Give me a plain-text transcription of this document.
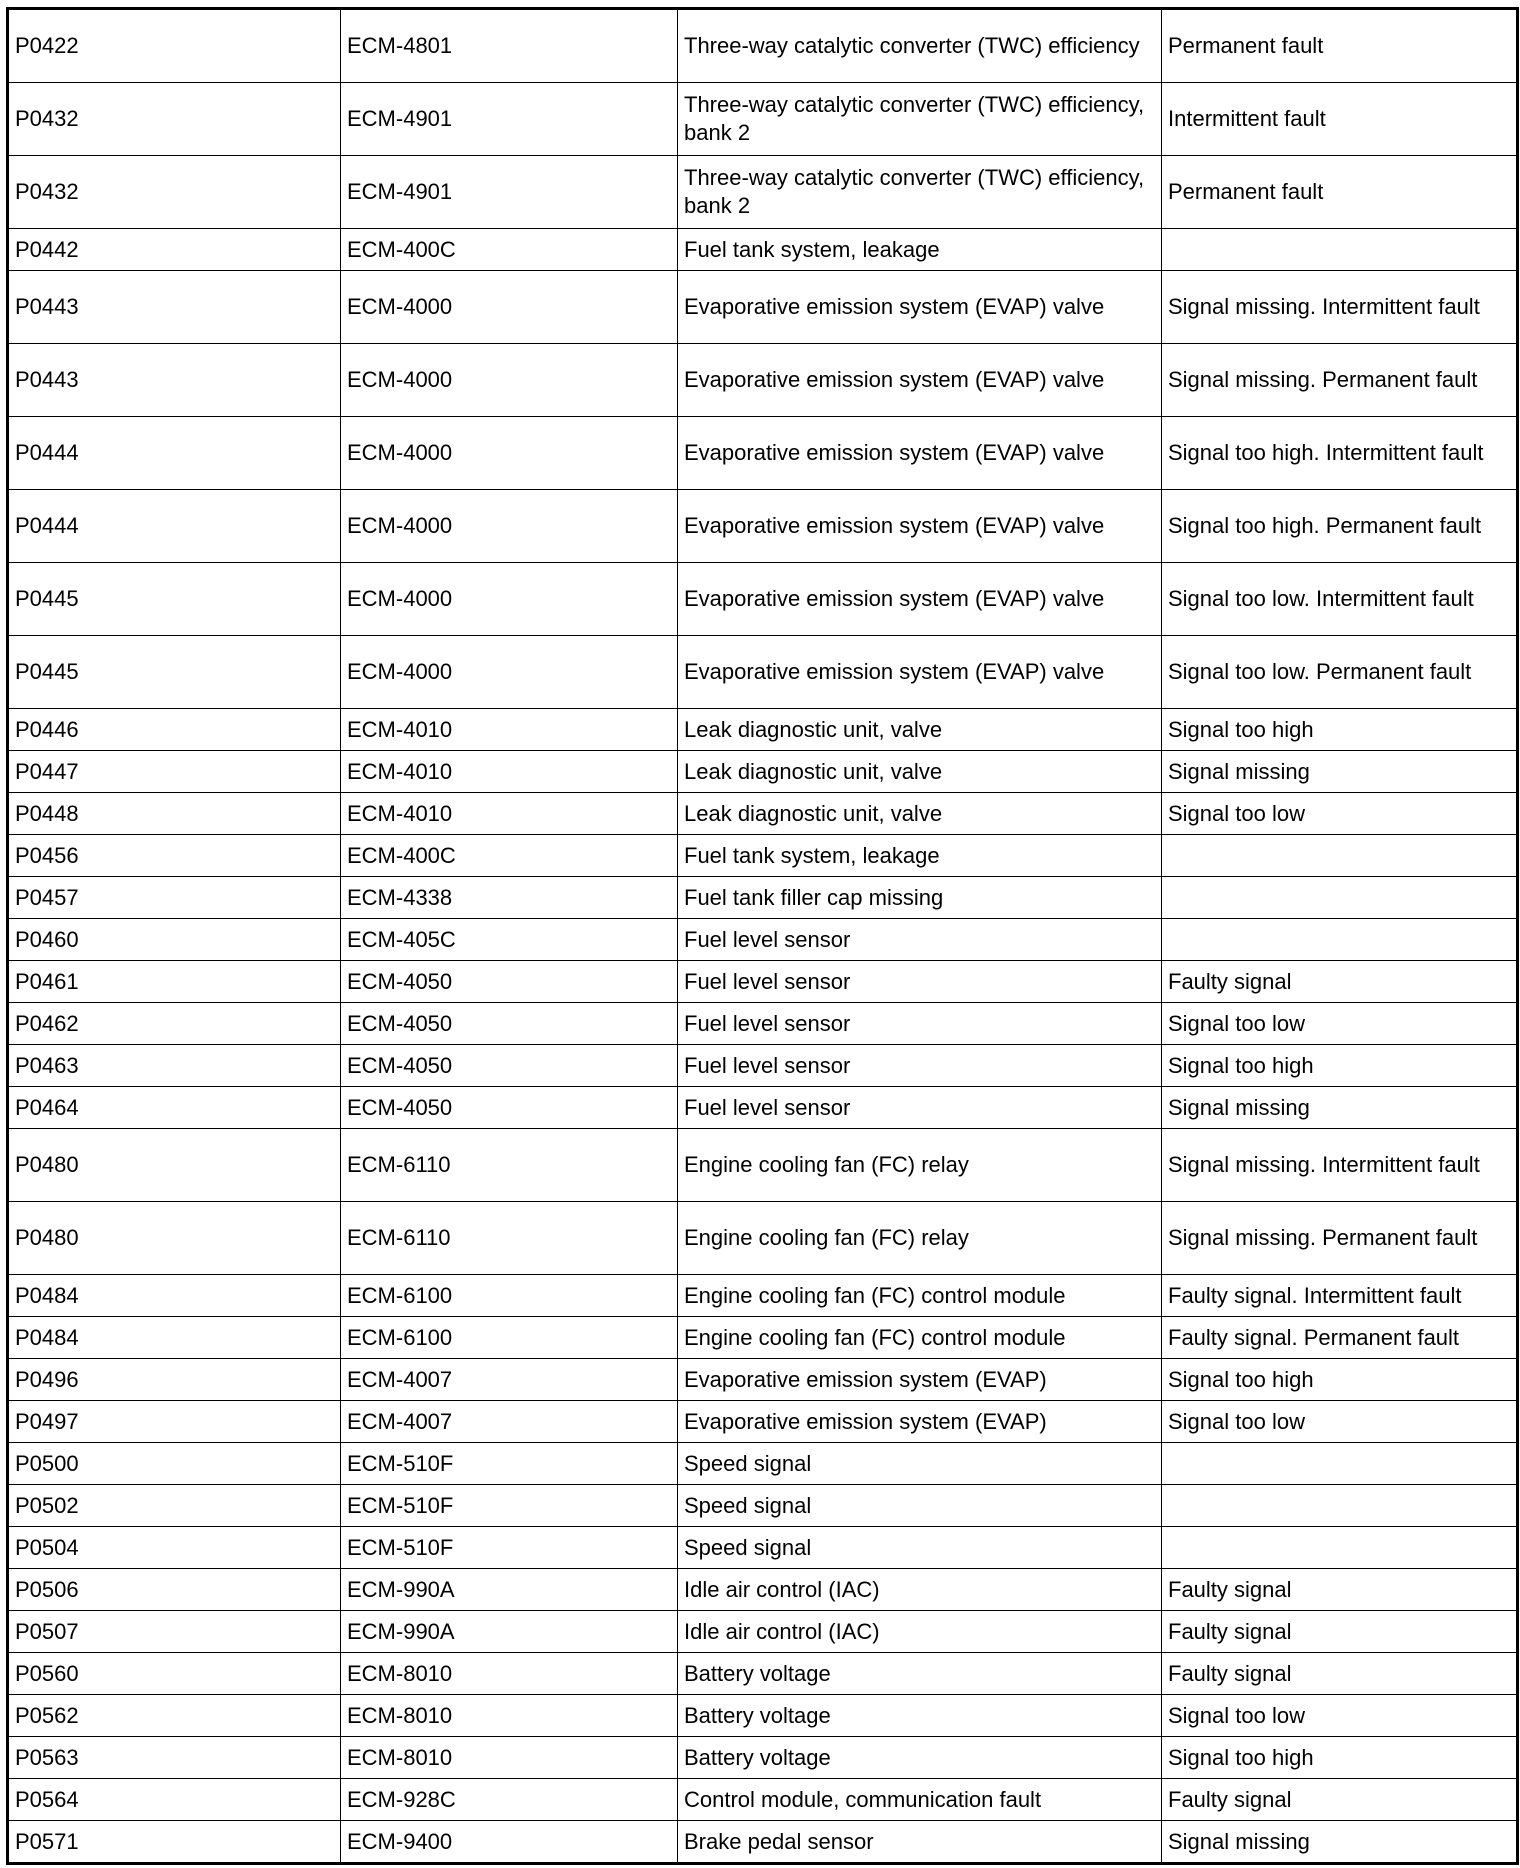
P0422	ECM-4801	Three-way catalytic converter (TWC) efficiency	Permanent fault
P0432	ECM-4901	Three-way catalytic converter (TWC) efficiency, bank 2	Intermittent fault
P0432	ECM-4901	Three-way catalytic converter (TWC) efficiency, bank 2	Permanent fault
P0442	ECM-400C	Fuel tank system, leakage	
P0443	ECM-4000	Evaporative emission system (EVAP) valve	Signal missing. Intermittent fault
P0443	ECM-4000	Evaporative emission system (EVAP) valve	Signal missing. Permanent fault
P0444	ECM-4000	Evaporative emission system (EVAP) valve	Signal too high. Intermittent fault
P0444	ECM-4000	Evaporative emission system (EVAP) valve	Signal too high. Permanent fault
P0445	ECM-4000	Evaporative emission system (EVAP) valve	Signal too low. Intermittent fault
P0445	ECM-4000	Evaporative emission system (EVAP) valve	Signal too low. Permanent fault
P0446	ECM-4010	Leak diagnostic unit, valve	Signal too high
P0447	ECM-4010	Leak diagnostic unit, valve	Signal missing
P0448	ECM-4010	Leak diagnostic unit, valve	Signal too low
P0456	ECM-400C	Fuel tank system, leakage	
P0457	ECM-4338	Fuel tank filler cap missing	
P0460	ECM-405C	Fuel level sensor	
P0461	ECM-4050	Fuel level sensor	Faulty signal
P0462	ECM-4050	Fuel level sensor	Signal too low
P0463	ECM-4050	Fuel level sensor	Signal too high
P0464	ECM-4050	Fuel level sensor	Signal missing
P0480	ECM-6110	Engine cooling fan (FC) relay	Signal missing. Intermittent fault
P0480	ECM-6110	Engine cooling fan (FC) relay	Signal missing. Permanent fault
P0484	ECM-6100	Engine cooling fan (FC) control module	Faulty signal. Intermittent fault
P0484	ECM-6100	Engine cooling fan (FC) control module	Faulty signal. Permanent fault
P0496	ECM-4007	Evaporative emission system (EVAP)	Signal too high
P0497	ECM-4007	Evaporative emission system (EVAP)	Signal too low
P0500	ECM-510F	Speed signal	
P0502	ECM-510F	Speed signal	
P0504	ECM-510F	Speed signal	
P0506	ECM-990A	Idle air control (IAC)	Faulty signal
P0507	ECM-990A	Idle air control (IAC)	Faulty signal
P0560	ECM-8010	Battery voltage	Faulty signal
P0562	ECM-8010	Battery voltage	Signal too low
P0563	ECM-8010	Battery voltage	Signal too high
P0564	ECM-928C	Control module, communication fault	Faulty signal
P0571	ECM-9400	Brake pedal sensor	Signal missing
